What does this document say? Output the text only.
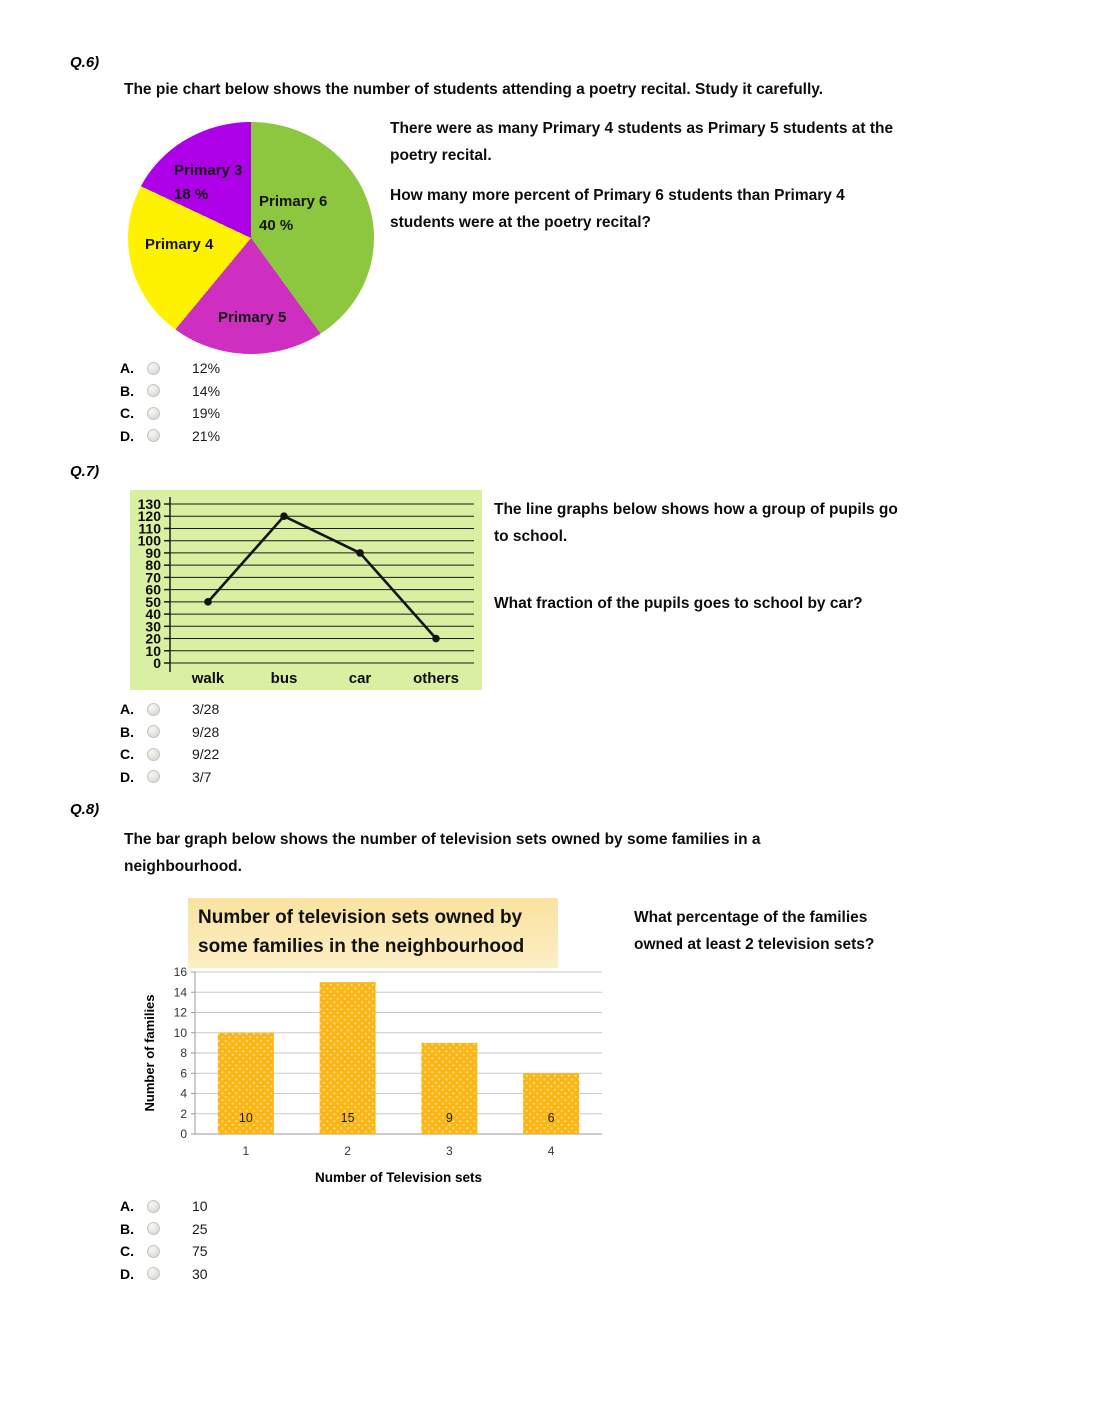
Q.6)
The pie chart below shows the number of students attending a poetry recital. Study it carefully.
Primary 6
40 %
Primary 5
Primary 4
Primary 3
18 %
There were as many Primary 4 students as Primary 5 students at the poetry recital.
How many more percent of Primary 6 students than Primary 4 students were at the poetry recital?
A.	12%
B.	14%
C.	19%
D.	21%
Q.7)
0
10
20
30
40
50
60
70
80
90
100
110
120
130
walk	bus	car	others
The line graphs below shows how a group of pupils go to school.
What fraction of the pupils goes to school by car?
A.	3/28
B.	9/28
C.	9/22
D.	3/7
Q.8)
The bar graph below shows the number of television sets owned by some families in a neighbourhood.
Number of television sets owned by
some families in the neighbourhood
What percentage of the families owned at least 2 television sets?
0
2
4
6
8
10
12
14
16
Number of families
10
1
15
2
9
3
6
4
Number of Television sets
A.	10
B.	25
C.	75
D.	30
